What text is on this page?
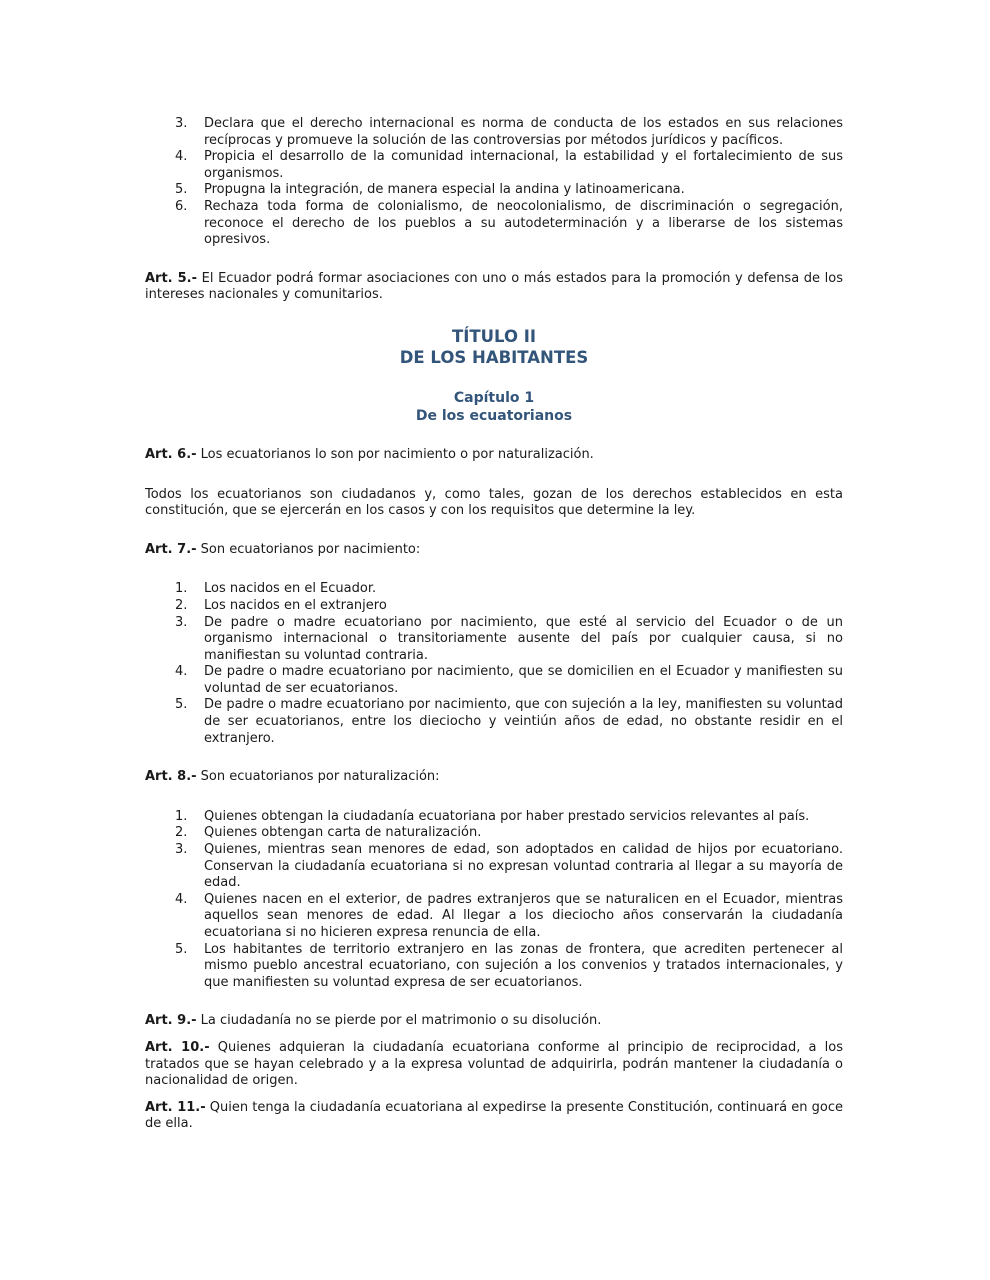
3. Declara que el derecho internacional es norma de conducta de los estados en sus relaciones recíprocas y promueve la solución de las controversias por métodos jurídicos y pacíficos.
4. Propicia el desarrollo de la comunidad internacional, la estabilidad y el fortalecimiento de sus organismos.
5. Propugna la integración, de manera especial la andina y latinoamericana.
6. Rechaza toda forma de colonialismo, de neocolonialismo, de discriminación o segregación, reconoce el derecho de los pueblos a su autodeterminación y a liberarse de los sistemas opresivos.

Art. 5.- El Ecuador podrá formar asociaciones con uno o más estados para la promoción y defensa de los intereses nacionales y comunitarios.

TÍTULO II
DE LOS HABITANTES
Capítulo 1
De los ecuatorianos

Art. 6.- Los ecuatorianos lo son por nacimiento o por naturalización.

Todos los ecuatorianos son ciudadanos y, como tales, gozan de los derechos establecidos en esta constitución, que se ejercerán en los casos y con los requisitos que determine la ley.

Art. 7.- Son ecuatorianos por nacimiento:

1. Los nacidos en el Ecuador.
2. Los nacidos en el extranjero
3. De padre o madre ecuatoriano por nacimiento, que esté al servicio del Ecuador o de un organismo internacional o transitoriamente ausente del país por cualquier causa, si no manifiestan su voluntad contraria.
4. De padre o madre ecuatoriano por nacimiento, que se domicilien en el Ecuador y manifiesten su voluntad de ser ecuatorianos.
5. De padre o madre ecuatoriano por nacimiento, que con sujeción a la ley, manifiesten su voluntad de ser ecuatorianos, entre los dieciocho y veintiún años de edad, no obstante residir en el extranjero.

Art. 8.- Son ecuatorianos por naturalización:

1. Quienes obtengan la ciudadanía ecuatoriana por haber prestado servicios relevantes al país.
2. Quienes obtengan carta de naturalización.
3. Quienes, mientras sean menores de edad, son adoptados en calidad de hijos por ecuatoriano. Conservan la ciudadanía ecuatoriana si no expresan voluntad contraria al llegar a su mayoría de edad.
4. Quienes nacen en el exterior, de padres extranjeros que se naturalicen en el Ecuador, mientras aquellos sean menores de edad. Al llegar a los dieciocho años conservarán la ciudadanía ecuatoriana si no hicieren expresa renuncia de ella.
5. Los habitantes de territorio extranjero en las zonas de frontera, que acrediten pertenecer al mismo pueblo ancestral ecuatoriano, con sujeción a los convenios y tratados internacionales, y que manifiesten su voluntad expresa de ser ecuatorianos.

Art. 9.- La ciudadanía no se pierde por el matrimonio o su disolución.

Art. 10.- Quienes adquieran la ciudadanía ecuatoriana conforme al principio de reciprocidad, a los tratados que se hayan celebrado y a la expresa voluntad de adquirirla, podrán mantener la ciudadanía o nacionalidad de origen.

Art. 11.- Quien tenga la ciudadanía ecuatoriana al expedirse la presente Constitución, continuará en goce de ella.
